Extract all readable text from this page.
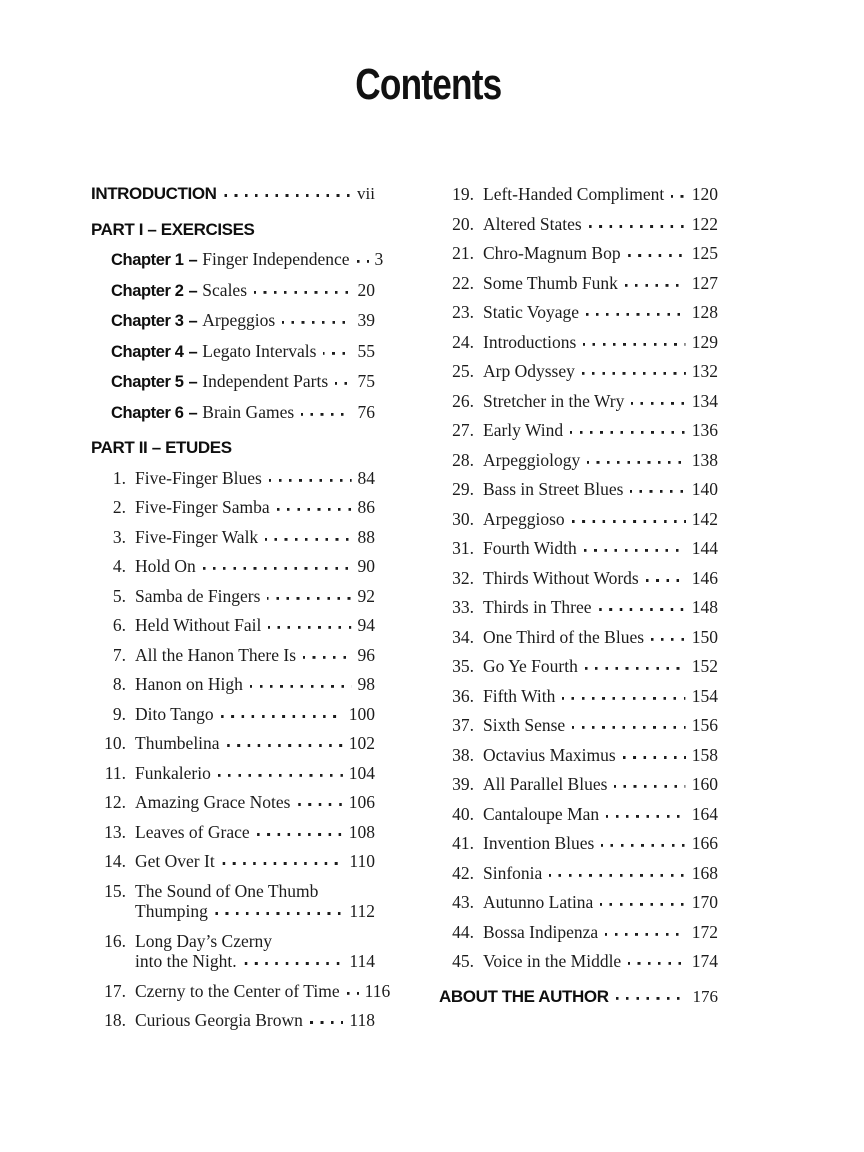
Contents
INTRODUCTION	vii
PART I – EXERCISES
Chapter 1 – Finger Independence 3
Chapter 2 – Scales	20
Chapter 3 – Arpeggios	39
Chapter 4 – Legato Intervals 55
Chapter 5 – Independent Parts 75
Chapter 6 – Brain Games	76
PART II – ETUDES
1. Five-Finger Blues	84
2. Five-Finger Samba	86
3. Five-Finger Walk	88
4. Hold On	90
5. Samba de Fingers	92
6. Held Without Fail	94
7. All the Hanon There Is	96
8. Hanon on High	98
9. Dito Tango	100
10. Thumbelina	102
11. Funkalerio	104
12. Amazing Grace Notes	106
13. Leaves of Grace	108
14. Get Over It	110
15. The Sound of One Thumb
Thumping	112
16. Long Day’s Czerny
into the Night.	114
17. Czerny to the Center of Time 116
18. Curious Georgia Brown	118
19. Left-Handed Compliment 120
20. Altered States	122
21. Chro-Magnum Bop	125
22. Some Thumb Funk	127
23. Static Voyage	128
24. Introductions	129
25. Arp Odyssey	132
26. Stretcher in the Wry	134
27. Early Wind	136
28. Arpeggiology	138
29. Bass in Street Blues	140
30. Arpeggioso	142
31. Fourth Width	144
32. Thirds Without Words	146
33. Thirds in Three	148
34. One Third of the Blues	150
35. Go Ye Fourth	152
36. Fifth With	154
37. Sixth Sense	156
38. Octavius Maximus	158
39. All Parallel Blues	160
40. Cantaloupe Man	164
41. Invention Blues	166
42. Sinfonia	168
43. Autunno Latina	170
44. Bossa Indipenza	172
45. Voice in the Middle	174
ABOUT THE AUTHOR	176
